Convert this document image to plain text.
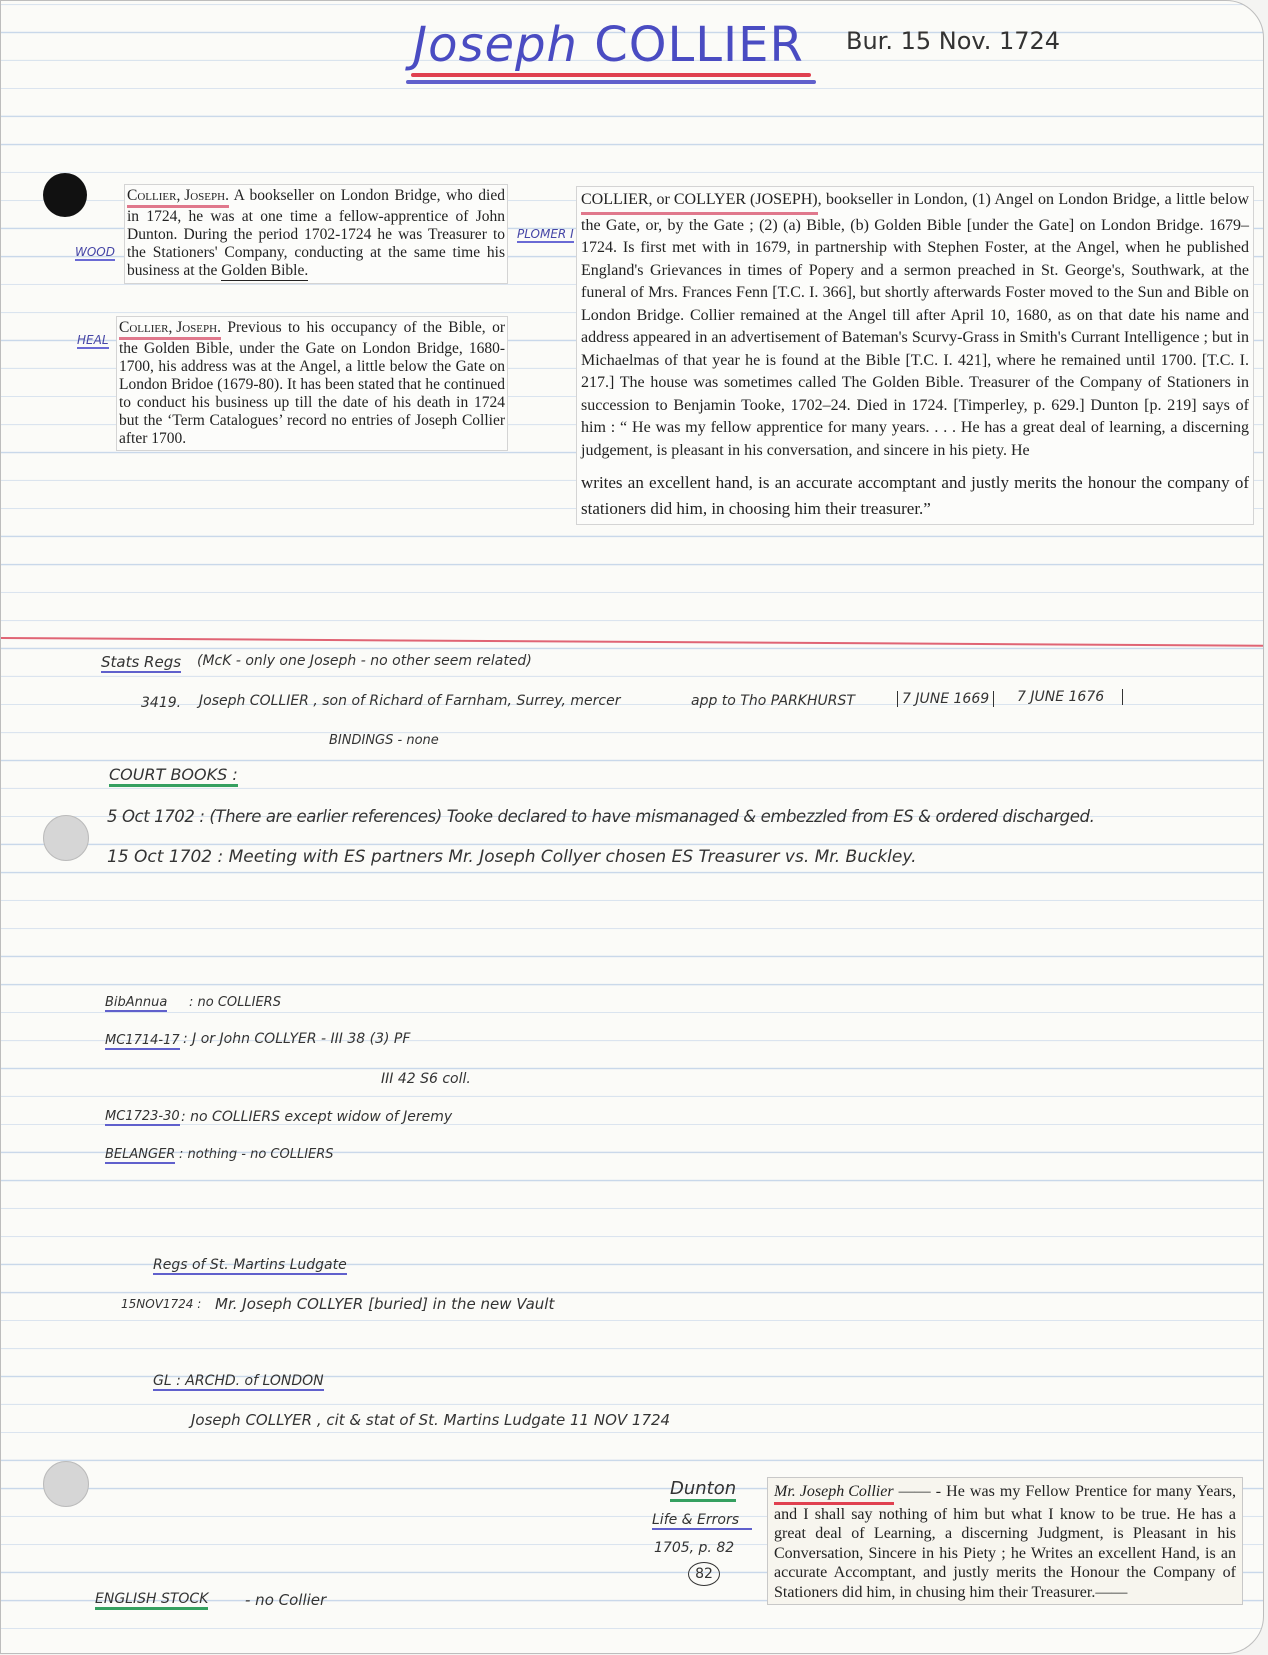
Joseph COLLIER Bur. 15 Nov. 1724
WOOD

Collier, Joseph. A bookseller on London Bridge, who died in 1724, he was at one time a fellow-apprentice of John Dunton. During the period 1702-1724 he was Treasurer to the Stationers' Company, conducting at the same time his business at the Golden Bible.

HEAL

Collier, Joseph. Previous to his occupancy of the Bible, or the Golden Bible, under the Gate on London Bridge, 1680-1700, his address was at the Angel, a little below the Gate on London Bridoe (1679-80). It has been stated that he continued to conduct his business up till the date of his death in 1724 but the ‘Term Catalogues’ record no entries of Joseph Collier after 1700.

PLOMER I

COLLIER, or COLLYER (JOSEPH), bookseller in London, (1) Angel on London Bridge, a little below the Gate, or, by the Gate ; (2) (a) Bible, (b) Golden Bible [under the Gate] on London Bridge. 1679–1724. Is first met with in 1679, in partnership with Stephen Foster, at the Angel, when he published England's Grievances in times of Popery and a sermon preached in St. George's, Southwark, at the funeral of Mrs. Frances Fenn [T.C. I. 366], but shortly afterwards Foster moved to the Sun and Bible on London Bridge. Collier remained at the Angel till after April 10, 1680, as on that date his name and address appeared in an advertisement of Bateman's Scurvy-Grass in Smith's Currant Intelligence ; but in Michaelmas of that year he is found at the Bible [T.C. I. 421], where he remained until 1700. [T.C. I. 217.] The house was sometimes called The Golden Bible. Treasurer of the Company of Stationers in succession to Benjamin Tooke, 1702–24. Died in 1724. [Timperley, p. 629.] Dunton [p. 219] says of him : “ He was my fellow apprentice for many years. . . . He has a great deal of learning, a discerning judgement, is pleasant in his conversation, and sincere in his piety. He

writes an excellent hand, is an accurate accomptant and justly merits the honour the company of stationers did him, in choosing him their treasurer.”

Stats Regs (McK - only one Joseph - no other seem related)
3419. Joseph COLLIER , son of Richard of Farnham, Surrey, mercer	app to Tho PARKHURST	7 JUNE 1669	7 JUNE 1676
BINDINGS - none
COURT BOOKS :
5 Oct 1702 : (There are earlier references) Tooke declared to have mismanaged & embezzled from ES & ordered discharged.
15 Oct 1702 : Meeting with ES partners Mr. Joseph Collyer chosen ES Treasurer vs. Mr. Buckley.
BibAnnua : no COLLIERS
MC1714-17 : J or John COLLYER - III 38 (3) PF
III 42 S6 coll.
MC1723-30 : no COLLIERS except widow of Jeremy
BELANGER : nothing - no COLLIERS
Regs of St. Martins Ludgate
15NOV1724 : Mr. Joseph COLLYER [buried] in the new Vault
GL : ARCHD. of LONDON
Joseph COLLYER , cit & stat of St. Martins Ludgate 11 NOV 1724
Dunton
Life & Errors
1705, p. 82
82
Mr. Joseph Collier —— - He was my Fellow Prentice for many Years, and I shall say nothing of him but what I know to be true. He has a great deal of Learning, a discerning Judgment, is Pleasant in his Conversation, Sincere in his Piety ; he Writes an excellent Hand, is an accurate Accomptant, and justly merits the Honour the Company of Stationers did him, in chusing him their Treasurer.——
ENGLISH STOCK - no Collier
